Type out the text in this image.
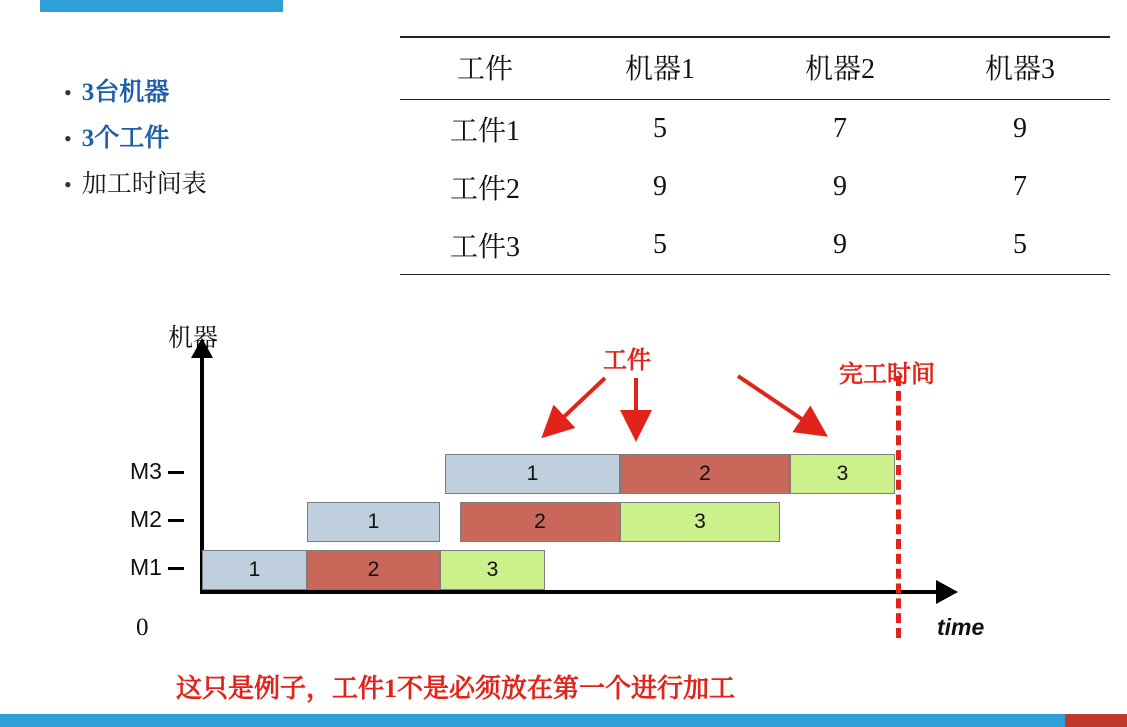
• 3台机器
• 3个工件
• 加工时间表
工件	机器1	机器2	机器3
工件1	5	7	9
工件2	9	9	7
工件3	5	9	5

机器
time
0
M3
M2
M1	1	2	3
1	2	3
1	2	3
工件
完工时间
这只是例子，工件1不是必须放在第一个进行加工
